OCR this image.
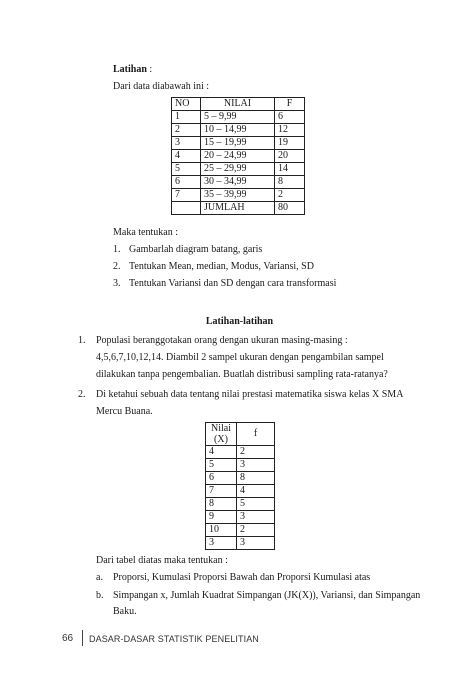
Latihan :
Dari data diabawah ini :
NO	NILAI	F
1	5 – 9,99	6
2	10 – 14,99	12
3	15 – 19,99	19
4	20 – 24,99	20
5	25 – 29,99	14
6	30 – 34,99	8
7	35 – 39,99	2
	JUMLAH	80
Maka tentukan :
1. Gambarlah diagram batang, garis
2. Tentukan Mean, median, Modus, Variansi, SD
3. Tentukan Variansi dan SD dengan cara transformasi
Latihan-latihan
1. Populasi beranggotakan orang dengan ukuran masing-masing :
4,5,6,7,10,12,14. Diambil 2 sampel ukuran dengan pengambilan sampel
dilakukan tanpa pengembalian. Buatlah distribusi sampling rata-ratanya?
2. Di ketahui sebuah data tentang nilai prestasi matematika siswa kelas X SMA
Mercu Buana.
Nilai
(X)	f
4	2
5	3
6	8
7	4
8	5
9	3
10	2
3	3
Dari tabel diatas maka tentukan :
a. Proporsi, Kumulasi Proporsi Bawah dan Proporsi Kumulasi atas
b. Simpangan x, Jumlah Kuadrat Simpangan (JK(X)), Variansi, dan Simpangan
Baku.
66 DASAR-DASAR STATISTIK PENELITIAN
